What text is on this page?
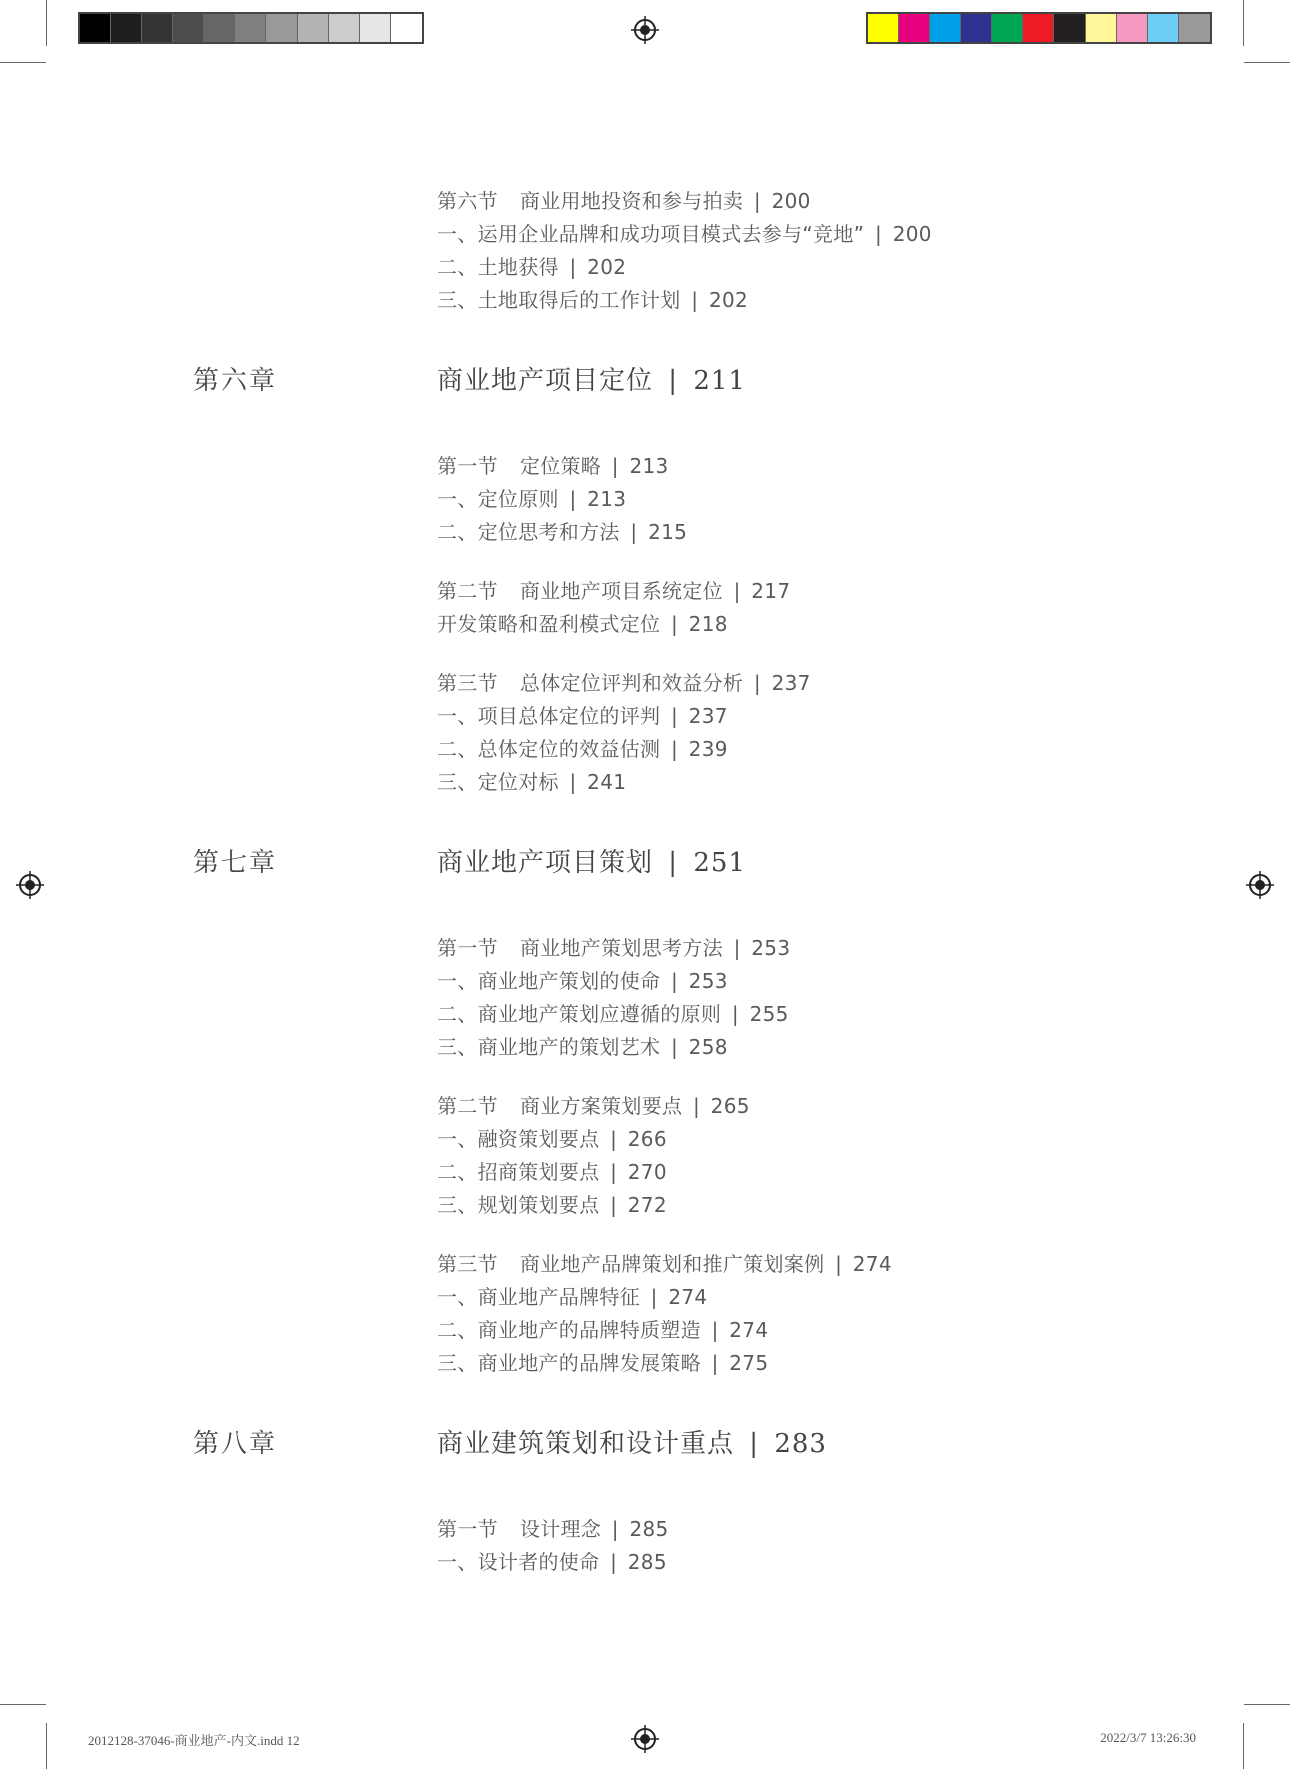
第六节 商业用地投资和参与拍卖 | 200
一、运用企业品牌和成功项目模式去参与“竞地” | 200
二、土地获得 | 202
三、土地取得后的工作计划 | 202
第六章	商业地产项目定位 | 211
第一节 定位策略 | 213
一、定位原则 | 213
二、定位思考和方法 | 215
第二节 商业地产项目系统定位 | 217
开发策略和盈利模式定位 | 218
第三节 总体定位评判和效益分析 | 237
一、项目总体定位的评判 | 237
二、总体定位的效益估测 | 239
三、定位对标 | 241
第七章	商业地产项目策划 | 251
第一节 商业地产策划思考方法 | 253
一、商业地产策划的使命 | 253
二、商业地产策划应遵循的原则 | 255
三、商业地产的策划艺术 | 258
第二节 商业方案策划要点 | 265
一、融资策划要点 | 266
二、招商策划要点 | 270
三、规划策划要点 | 272
第三节 商业地产品牌策划和推广策划案例 | 274
一、商业地产品牌特征 | 274
二、商业地产的品牌特质塑造 | 274
三、商业地产的品牌发展策略 | 275
第八章	商业建筑策划和设计重点 | 283
第一节 设计理念 | 285
一、设计者的使命 | 285
2012128-37046-商业地产-内文.indd 12	2022/3/7 13:26:30
